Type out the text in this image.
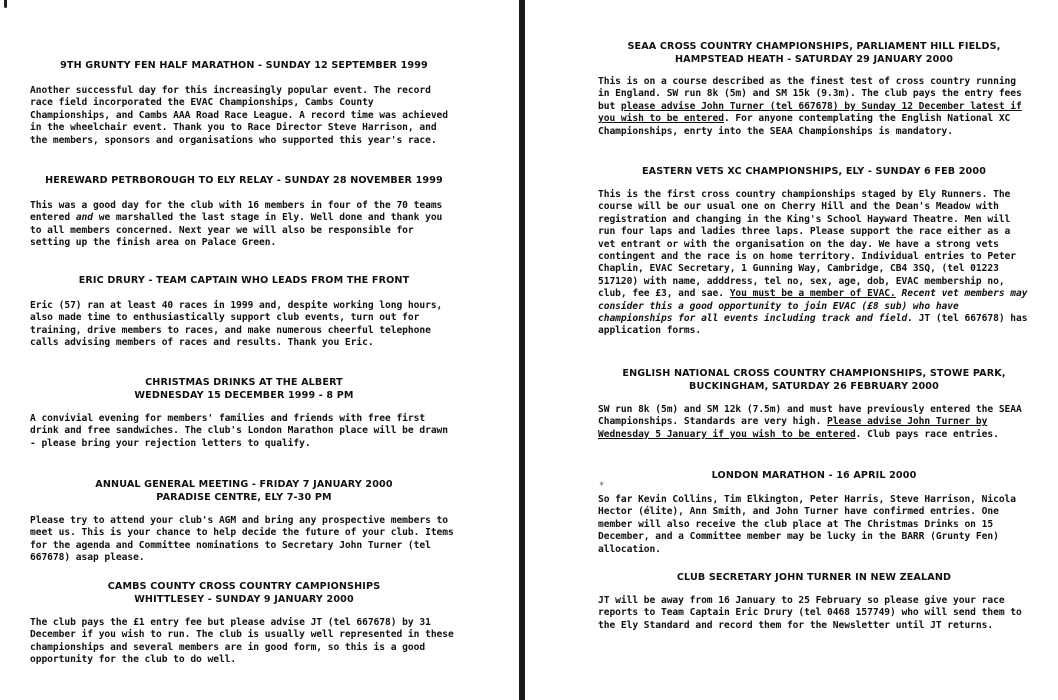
9TH GRUNTY FEN HALF MARATHON - SUNDAY 12 SEPTEMBER 1999

Another successful day for this increasingly popular event. The record race field incorporated the EVAC Championships, Cambs County Championships, and Cambs AAA Road Race League. A record time was achieved in the wheelchair event. Thank you to Race Director Steve Harrison, and the members, sponsors and organisations who supported this year's race.

HEREWARD PETRBOROUGH TO ELY RELAY - SUNDAY 28 NOVEMBER 1999

This was a good day for the club with 16 members in four of the 70 teams entered and we marshalled the last stage in Ely. Well done and thank you to all members concerned. Next year we will also be responsible for setting up the finish area on Palace Green.

ERIC DRURY - TEAM CAPTAIN WHO LEADS FROM THE FRONT

Eric (57) ran at least 40 races in 1999 and, despite working long hours, also made time to enthusiastically support club events, turn out for training, drive members to races, and make numerous cheerful telephone calls advising members of races and results. Thank you Eric.

CHRISTMAS DRINKS AT THE ALBERT
WEDNESDAY 15 DECEMBER 1999 - 8 PM

A convivial evening for members' families and friends with free first drink and free sandwiches. The club's London Marathon place will be drawn - please bring your rejection letters to qualify.

ANNUAL GENERAL MEETING - FRIDAY 7 JANUARY 2000
PARADISE CENTRE, ELY 7-30 PM

Please try to attend your club's AGM and bring any prospective members to meet us. This is your chance to help decide the future of your club. Items for the agenda and Committee nominations to Secretary John Turner (tel 667678) asap please.

CAMBS COUNTY CROSS COUNTRY CAMPIONSHIPS
WHITTLESEY - SUNDAY 9 JANUARY 2000

The club pays the £1 entry fee but please advise JT (tel 667678) by 31 December if you wish to run. The club is usually well represented in these championships and several members are in good form, so this is a good opportunity for the club to do well.

SEAA CROSS COUNTRY CHAMPIONSHIPS, PARLIAMENT HILL FIELDS,
HAMPSTEAD HEATH - SATURDAY 29 JANUARY 2000

This is on a course described as the finest test of cross country running in England. SW run 8k (5m) and SM 15k (9.3m). The club pays the entry fees but please advise John Turner (tel 667678) by Sunday 12 December latest if you wish to be entered. For anyone contemplating the English National XC Championships, enrty into the SEAA Championships is mandatory.

EASTERN VETS XC CHAMPIONSHIPS, ELY - SUNDAY 6 FEB 2000

This is the first cross country championships staged by Ely Runners. The course will be our usual one on Cherry Hill and the Dean's Meadow with registration and changing in the King's School Hayward Theatre. Men will run four laps and ladies three laps. Please support the race either as a vet entrant or with the organisation on the day. We have a strong vets contingent and the race is on home territory. Individual entries to Peter Chaplin, EVAC Secretary, 1 Gunning Way, Cambridge, CB4 3SQ, (tel 01223 517120) with name, adddress, tel no, sex, age, dob, EVAC membership no, club, fee £3, and sae. You must be a member of EVAC. Recent vet members may consider this a good opportunity to join EVAC (£8 sub) who have championships for all events including track and field. JT (tel 667678) has application forms.

ENGLISH NATIONAL CROSS COUNTRY CHAMPIONSHIPS, STOWE PARK,
BUCKINGHAM, SATURDAY 26 FEBRUARY 2000

SW run 8k (5m) and SM 12k (7.5m) and must have previously entered the SEAA Championships. Standards are very high. Please advise John Turner by Wednesday 5 January if you wish to be entered. Club pays race entries.

LONDON MARATHON - 16 APRIL 2000

So far Kevin Collins, Tim Elkington, Peter Harris, Steve Harrison, Nicola Hector (élite), Ann Smith, and John Turner have confirmed entries. One member will also receive the club place at The Christmas Drinks on 15 December, and a Committee member may be lucky in the BARR (Grunty Fen) allocation.

CLUB SECRETARY JOHN TURNER IN NEW ZEALAND

JT will be away from 16 January to 25 February so please give your race reports to Team Captain Eric Drury (tel 0468 157749) who will send them to the Ely Standard and record them for the Newsletter until JT returns.

*
